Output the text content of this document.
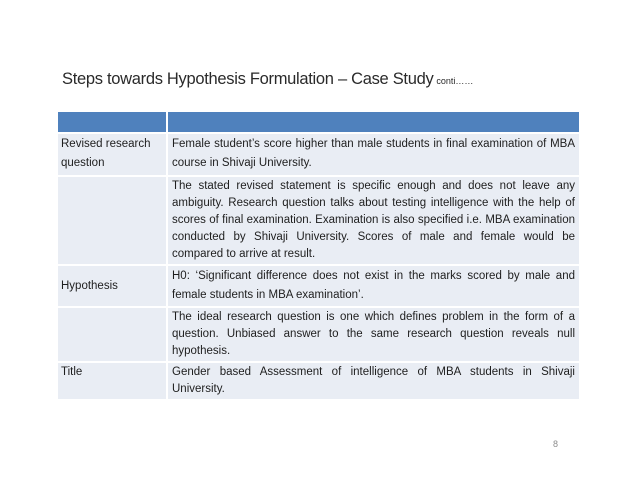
Steps towards Hypothesis Formulation – Case Study conti……

Revised research question	Female student’s score higher than male students in final examination of MBA course in Shivaji University.
	The stated revised statement is specific enough and does not leave any ambiguity. Research question talks about testing intelligence with the help of scores of final examination. Examination is also specified i.e. MBA examination conducted by Shivaji University. Scores of male and female would be compared to arrive at result.
Hypothesis	H0: ‘Significant difference does not exist in the marks scored by male and female students in MBA examination’.
	The ideal research question is one which defines problem in the form of a question. Unbiased answer to the same research question reveals null hypothesis.
Title	Gender based Assessment of intelligence of MBA students in Shivaji University.
8
